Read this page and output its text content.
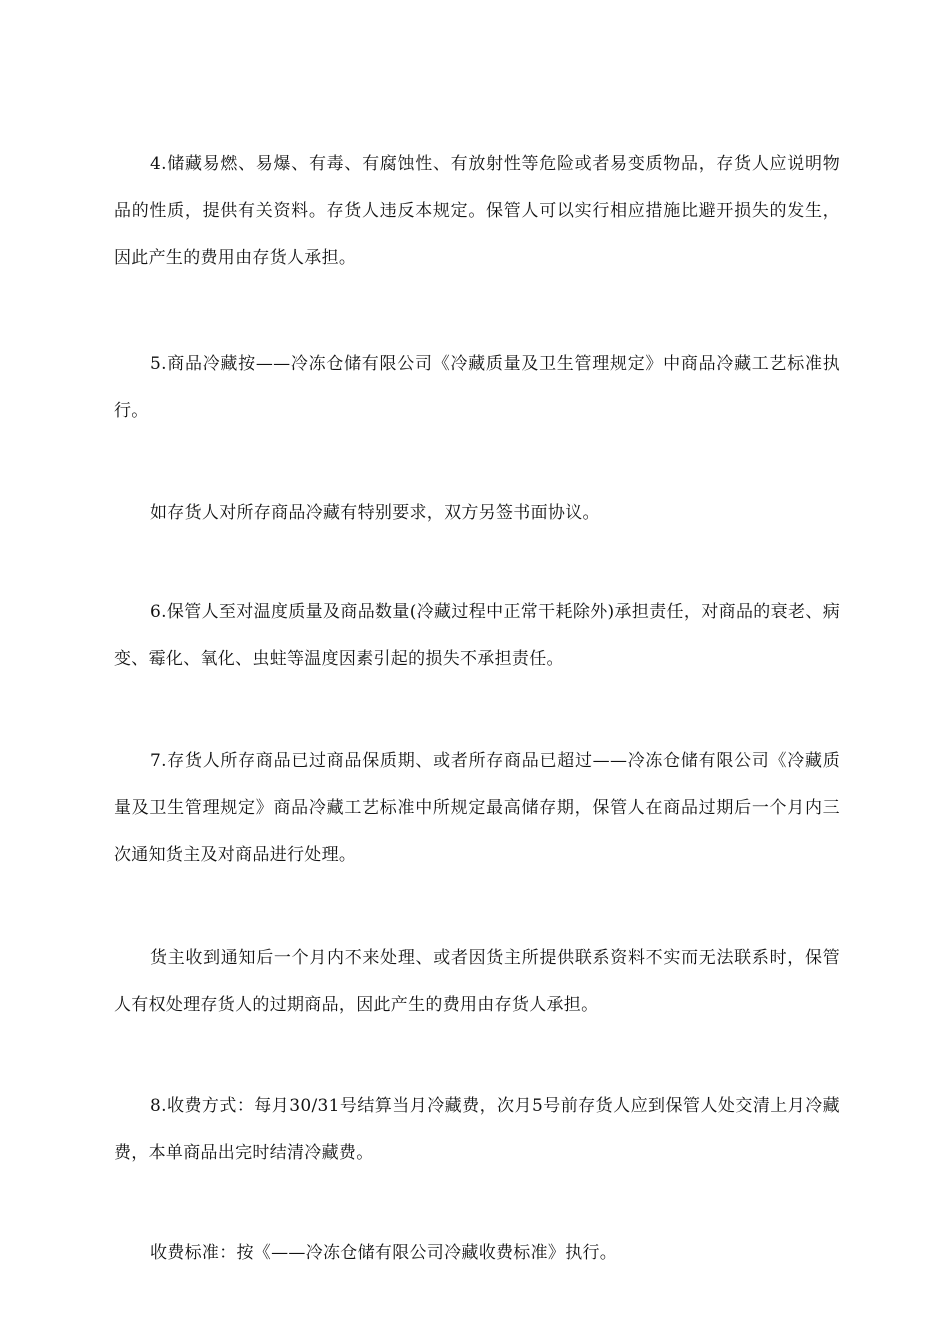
4.储藏易燃、易爆、有毒、有腐蚀性、有放射性等危险或者易变质物品，存货人应说明物品的性质，提供有关资料。存货人违反本规定。保管人可以实行相应措施比避开损失的发生，因此产生的费用由存货人承担。

5.商品冷藏按——冷冻仓储有限公司《冷藏质量及卫生管理规定》中商品冷藏工艺标准执行。

如存货人对所存商品冷藏有特别要求，双方另签书面协议。

6.保管人至对温度质量及商品数量(冷藏过程中正常干耗除外)承担责任，对商品的衰老、病变、霉化、氧化、虫蛀等温度因素引起的损失不承担责任。

7.存货人所存商品已过商品保质期、或者所存商品已超过——冷冻仓储有限公司《冷藏质量及卫生管理规定》商品冷藏工艺标准中所规定最高储存期，保管人在商品过期后一个月内三次通知货主及对商品进行处理。

货主收到通知后一个月内不来处理、或者因货主所提供联系资料不实而无法联系时，保管人有权处理存货人的过期商品，因此产生的费用由存货人承担。

8.收费方式：每月30/31号结算当月冷藏费，次月5号前存货人应到保管人处交清上月冷藏费，本单商品出完时结清冷藏费。

收费标准：按《——冷冻仓储有限公司冷藏收费标准》执行。
